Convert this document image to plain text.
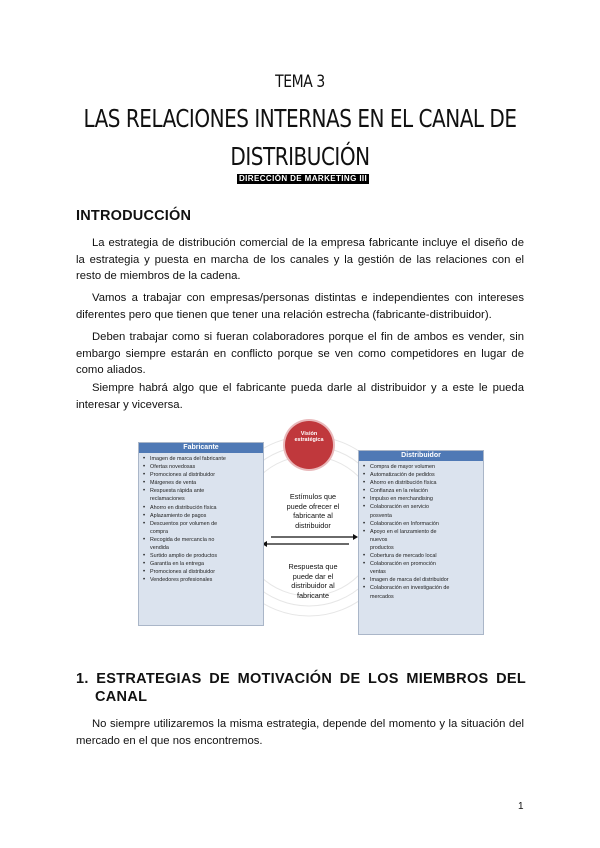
TEMA 3
LAS RELACIONES INTERNAS EN EL CANAL DE
DISTRIBUCIÓN
DIRECCIÓN DE MARKETING III
INTRODUCCIÓN

La estrategia de distribución comercial de la empresa fabricante incluye el diseño de la estrategia y puesta en marcha de los canales y la gestión de las relaciones con el resto de miembros de la cadena.

Vamos a trabajar con empresas/personas distintas e independientes con intereses diferentes pero que tienen que tener una relación estrecha (fabricante-distribuidor).

Deben trabajar como si fueran colaboradores porque el fin de ambos es vender, sin embargo siempre estarán en conflicto porque se ven como competidores en lugar de como aliados.

Siempre habrá algo que el fabricante pueda darle al distribuidor y a este le pueda interesar y viceversa.

Visión
estratégica
Fabricante
• Imagen de marca del fabricante
• Ofertas novedosas
• Promociones al distribuidor
• Márgenes de venta
• Respuesta rápida ante
reclamaciones
• Ahorro en distribución física
• Aplazamiento de pagos
• Descuentos por volumen de
compra
• Recogida de mercancía no
vendida
• Surtido amplio de productos
• Garantía en la entrega
• Promociones al distribuidor
• Vendedores profesionales
Distribuidor
• Compra de mayor volumen
• Automatización de pedidos
• Ahorro en distribución física
• Confianza en la relación
• Impulso en merchandising
• Colaboración en servicio
posventa
• Colaboración en Información
• Apoyo en el lanzamiento de
nuevos
productos
• Cobertura de mercado local
• Colaboración en promoción
ventas
• Imagen de marca del distribuidor
• Colaboración en investigación de
mercados
Estímulos que puede ofrecer el fabricante al distribuidor
Respuesta que puede dar el distribuidor al fabricante
1. ESTRATEGIAS DE MOTIVACIÓN DE LOS MIEMBROS DEL
CANAL

No siempre utilizaremos la misma estrategia, depende del momento y la situación del mercado en el que nos encontremos.

1
